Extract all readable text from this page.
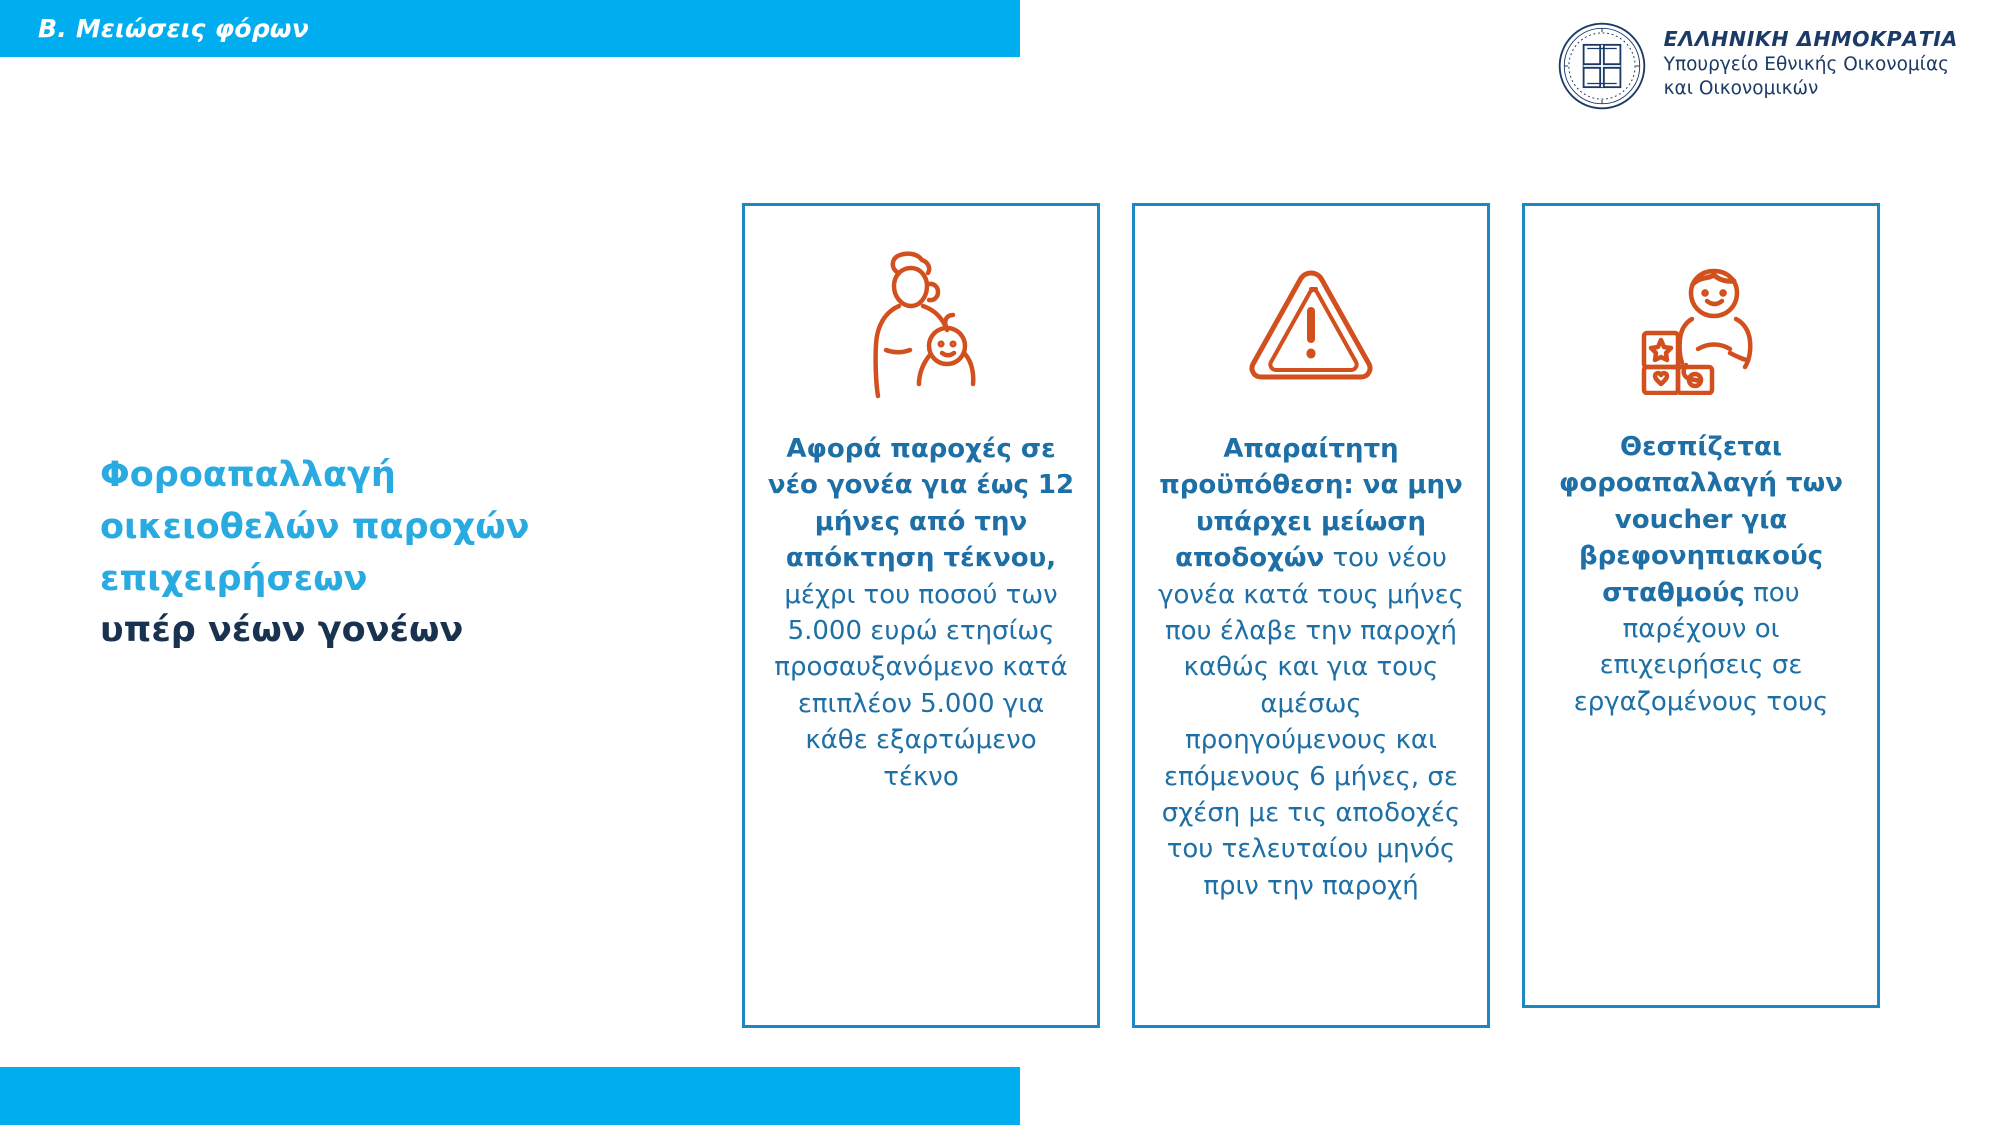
Β. Μειώσεις φόρων	ΕΛΛΗΝΙΚΗ ΔΗΜΟΚΡΑΤΙΑ
Υπουργείο Εθνικής Οικονομίας
και Οικονομικών
Φοροαπαλλαγή
οικειοθελών παροχών
επιχειρήσεων
υπέρ νέων γονέων
Αφορά παροχές σε νέο γονέα για έως 12 μήνες από την απόκτηση τέκνου, μέχρι του ποσού των 5.000 ευρώ ετησίως προσαυξανόμενο κατά επιπλέον 5.000 για κάθε εξαρτώμενο τέκνο
Απαραίτητη προϋπόθεση: να μην υπάρχει μείωση αποδοχών του νέου γονέα κατά τους μήνες που έλαβε την παροχή καθώς και για τους αμέσως προηγούμενους και επόμενους 6 μήνες, σε σχέση με τις αποδοχές του τελευταίου μηνός πριν την παροχή
Θεσπίζεται φοροαπαλλαγή των voucher για βρεφονηπιακούς σταθμούς που παρέχουν οι επιχειρήσεις σε εργαζομένους τους
